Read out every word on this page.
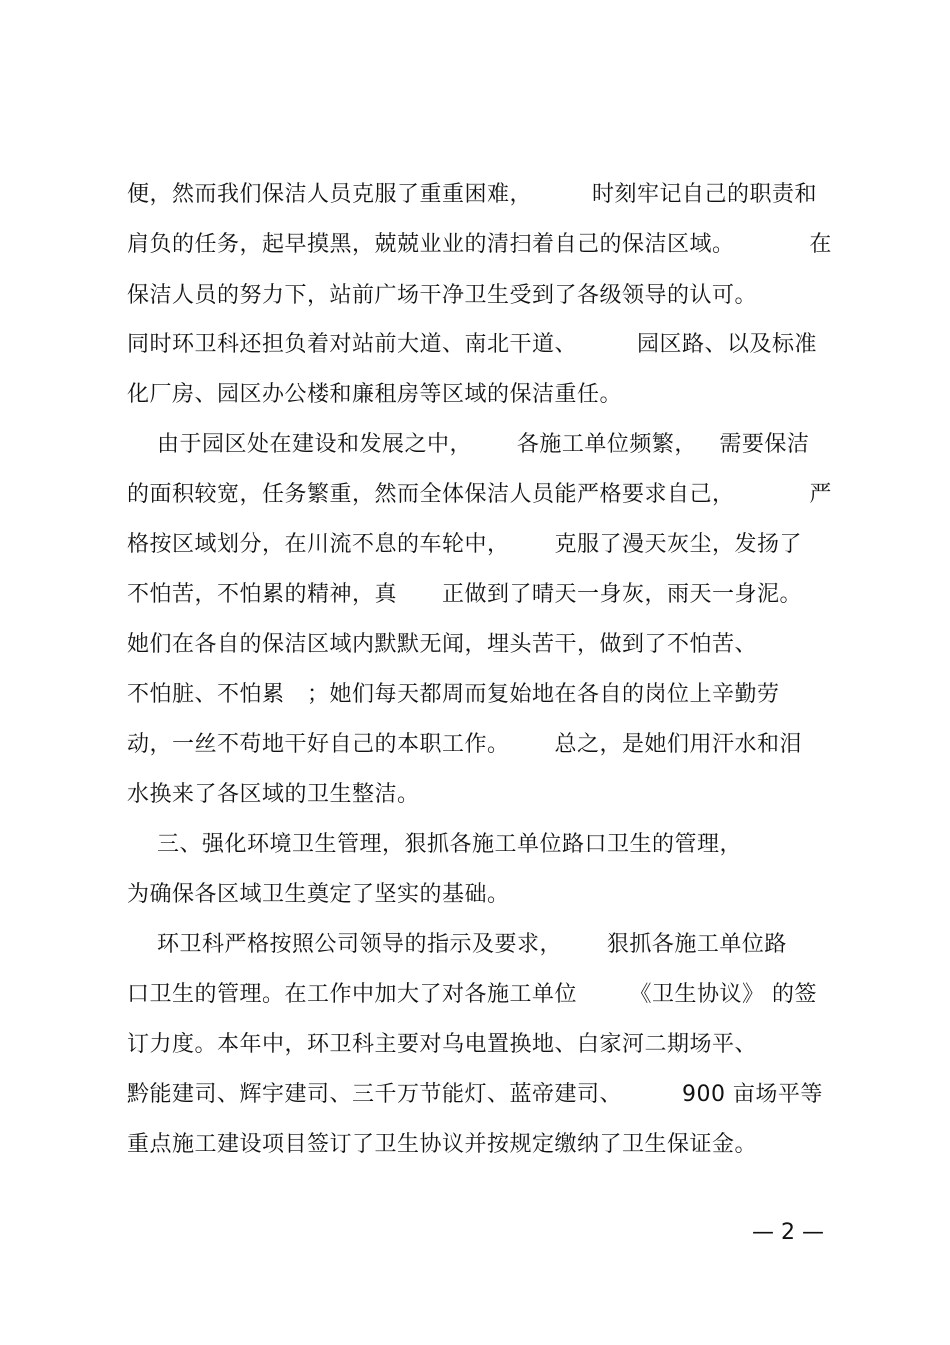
便，然而我们保洁人员克服了重重困难，        时刻牢记自己的职责和
肩负的任务，起早摸黑，兢兢业业的清扫着自己的保洁区域。          在
保洁人员的努力下，站前广场干净卫生受到了各级领导的认可。
同时环卫科还担负着对站前大道、南北干道、        园区路、以及标准
化厂房、园区办公楼和廉租房等区域的保洁重任。
由于园区处在建设和发展之中，      各施工单位频繁，   需要保洁
的面积较宽，任务繁重，然而全体保洁人员能严格要求自己，          严
格按区域划分，在川流不息的车轮中，      克服了漫天灰尘，发扬了
不怕苦，不怕累的精神，真      正做到了晴天一身灰，雨天一身泥。
她们在各自的保洁区域内默默无闻，埋头苦干，做到了不怕苦、
不怕脏、不怕累   ；她们每天都周而复始地在各自的岗位上辛勤劳
动，一丝不苟地干好自己的本职工作。      总之，是她们用汗水和泪
水换来了各区域的卫生整洁。
三、强化环境卫生管理，狠抓各施工单位路口卫生的管理，
为确保各区域卫生奠定了坚实的基础。
环卫科严格按照公司领导的指示及要求，      狠抓各施工单位路
口卫生的管理。在工作中加大了对各施工单位       《卫生协议》 的签
订力度。本年中，环卫科主要对乌电置换地、白家河二期场平、
黔能建司、辉宇建司、三千万节能灯、蓝帝建司、        900 亩场平等
重点施工建设项目签订了卫生协议并按规定缴纳了卫生保证金。
— 2 —
